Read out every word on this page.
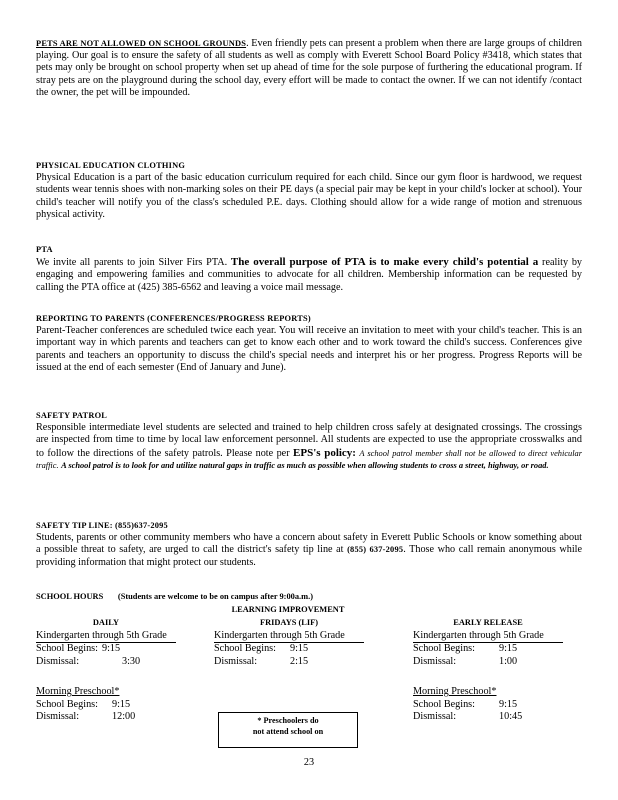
PETS ARE NOT ALLOWED ON SCHOOL GROUNDS. Even friendly pets can present a problem when there are large groups of children playing. Our goal is to ensure the safety of all students as well as comply with Everett School Board Policy #3418, which states that pets may only be brought on school property when set up ahead of time for the sole purpose of furthering the educational program. If stray pets are on the playground during the school day, every effort will be made to contact the owner. If we can not identify /contact the owner, the pet will be impounded.

PHYSICAL EDUCATION CLOTHING

Physical Education is a part of the basic education curriculum required for each child. Since our gym floor is hardwood, we request students wear tennis shoes with non-marking soles on their PE days (a special pair may be kept in your child's locker at school). Your child's teacher will notify you of the class's scheduled P.E. days. Clothing should allow for a wide range of motion and strenuous physical activity.

PTA

We invite all parents to join Silver Firs PTA. The overall purpose of PTA is to make every child's potential a reality by engaging and empowering families and communities to advocate for all children. Membership information can be requested by calling the PTA office at (425) 385-6562 and leaving a voice mail message.

REPORTING TO PARENTS (CONFERENCES/PROGRESS REPORTS)

Parent-Teacher conferences are scheduled twice each year. You will receive an invitation to meet with your child's teacher. This is an important way in which parents and teachers can get to know each other and to work toward the child's success. Conferences give parents and teachers an opportunity to discuss the child's special needs and interpret his or her progress. Progress Reports will be issued at the end of each semester (End of January and June).

SAFETY PATROL

Responsible intermediate level students are selected and trained to help children cross safely at designated crossings. The crossings are inspected from time to time by local law enforcement personnel. All students are expected to use the appropriate crosswalks and to follow the directions of the safety patrols. Please note per EPS's policy: A school patrol member shall not be allowed to direct vehicular traffic. A school patrol is to look for and utilize natural gaps in traffic as much as possible when allowing students to cross a street, highway, or road.

SAFETY TIP LINE: (855)637-2095

Students, parents or other community members who have a concern about safety in Everett Public Schools or know something about a possible threat to safety, are urged to call the district's safety tip line at (855) 637-2095. Those who call remain anonymous while providing information that might protect our students.

SCHOOL HOURS (Students are welcome to be on campus after 9:00a.m.)
LEARNING IMPROVEMENT
DAILY
Kindergarten through 5th Grade
School Begins: 9:15
Dismissal:	3:30
FRIDAYS (LIF)
Kindergarten through 5th Grade
School Begins:	9:15
Dismissal:	2:15
EARLY RELEASE
Kindergarten through 5th Grade
School Begins:	9:15
Dismissal:	1:00
Morning Preschool*
School Begins:	9:15
Dismissal:	12:00
Morning Preschool*
School Begins:	9:15
Dismissal:	10:45
* Preschoolers do
not attend school on
23
